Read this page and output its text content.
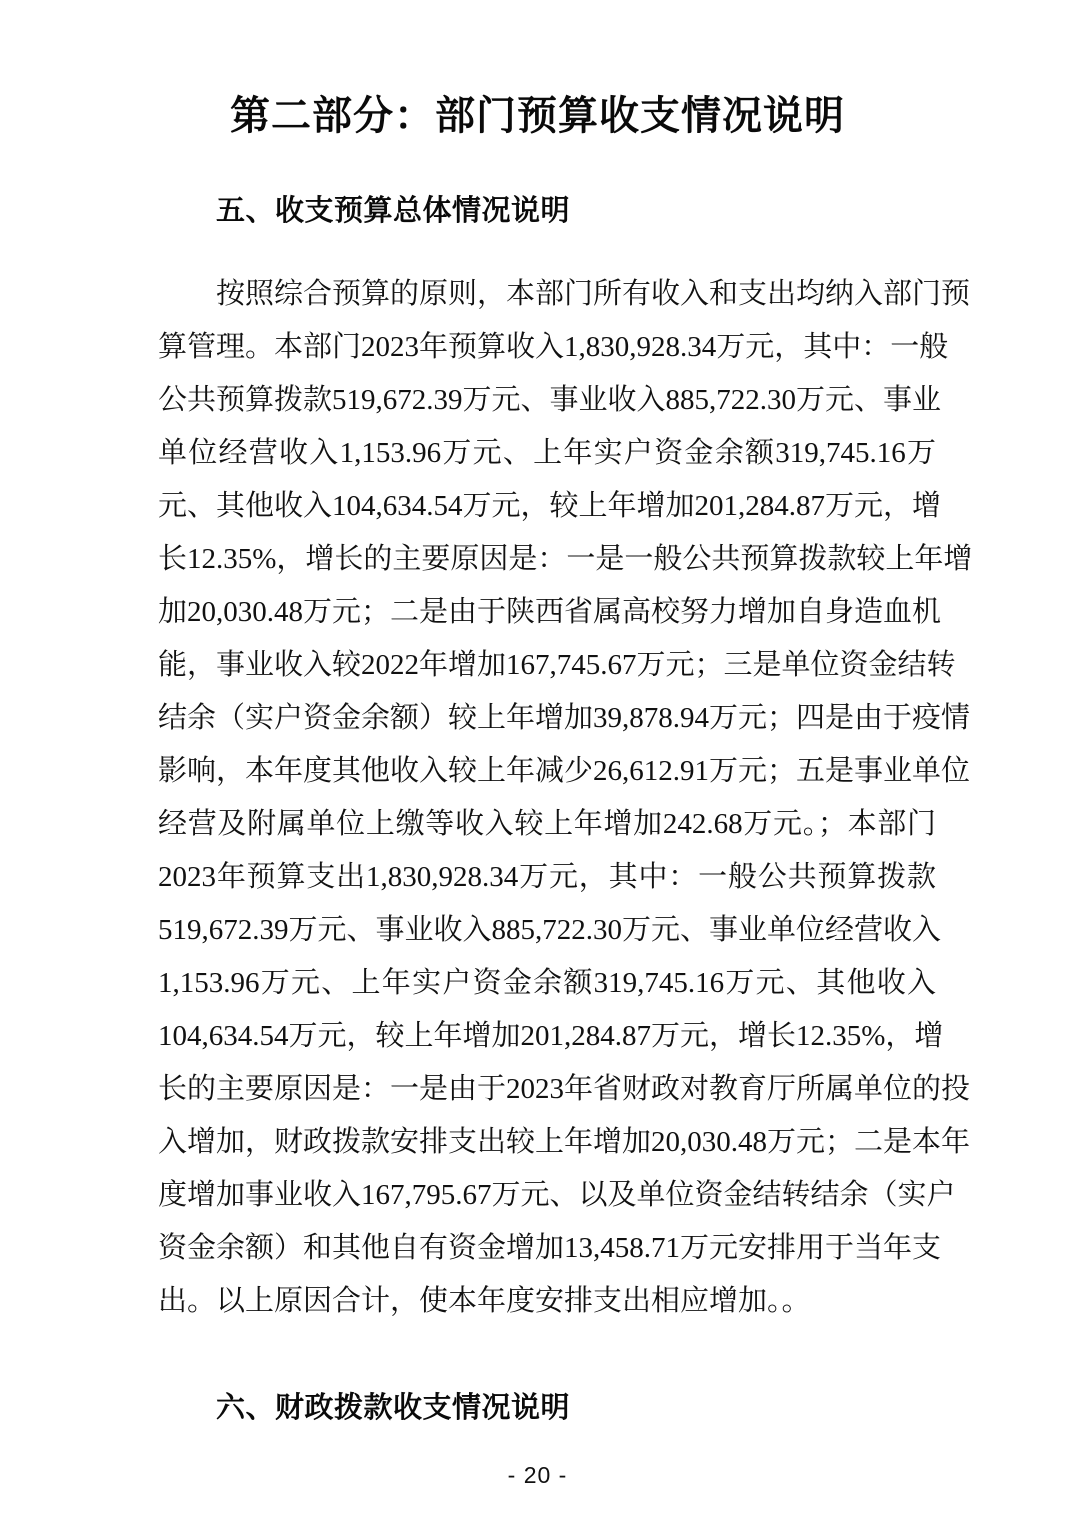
第二部分：部门预算收支情况说明
五、收支预算总体情况说明
按照综合预算的原则，本部门所有收入和支出均纳入部门预
算管理。本部门2023年预算收入1,830,928.34万元，其中：一般
公共预算拨款519,672.39万元、事业收入885,722.30万元、事业
单位经营收入1,153.96万元、上年实户资金余额319,745.16万
元、其他收入104,634.54万元，较上年增加201,284.87万元，增
长12.35%，增长的主要原因是：一是一般公共预算拨款较上年增
加20,030.48万元；二是由于陕西省属高校努力增加自身造血机
能，事业收入较2022年增加167,745.67万元；三是单位资金结转
结余（实户资金余额）较上年增加39,878.94万元；四是由于疫情
影响，本年度其他收入较上年减少26,612.91万元；五是事业单位
经营及附属单位上缴等收入较上年增加242.68万元。；本部门
2023年预算支出1,830,928.34万元，其中：一般公共预算拨款
519,672.39万元、事业收入885,722.30万元、事业单位经营收入
1,153.96万元、上年实户资金余额319,745.16万元、其他收入
104,634.54万元，较上年增加201,284.87万元，增长12.35%，增
长的主要原因是：一是由于2023年省财政对教育厅所属单位的投
入增加，财政拨款安排支出较上年增加20,030.48万元；二是本年
度增加事业收入167,795.67万元、以及单位资金结转结余（实户
资金余额）和其他自有资金增加13,458.71万元安排用于当年支
出。以上原因合计，使本年度安排支出相应增加。。
六、财政拨款收支情况说明
- 20 -
